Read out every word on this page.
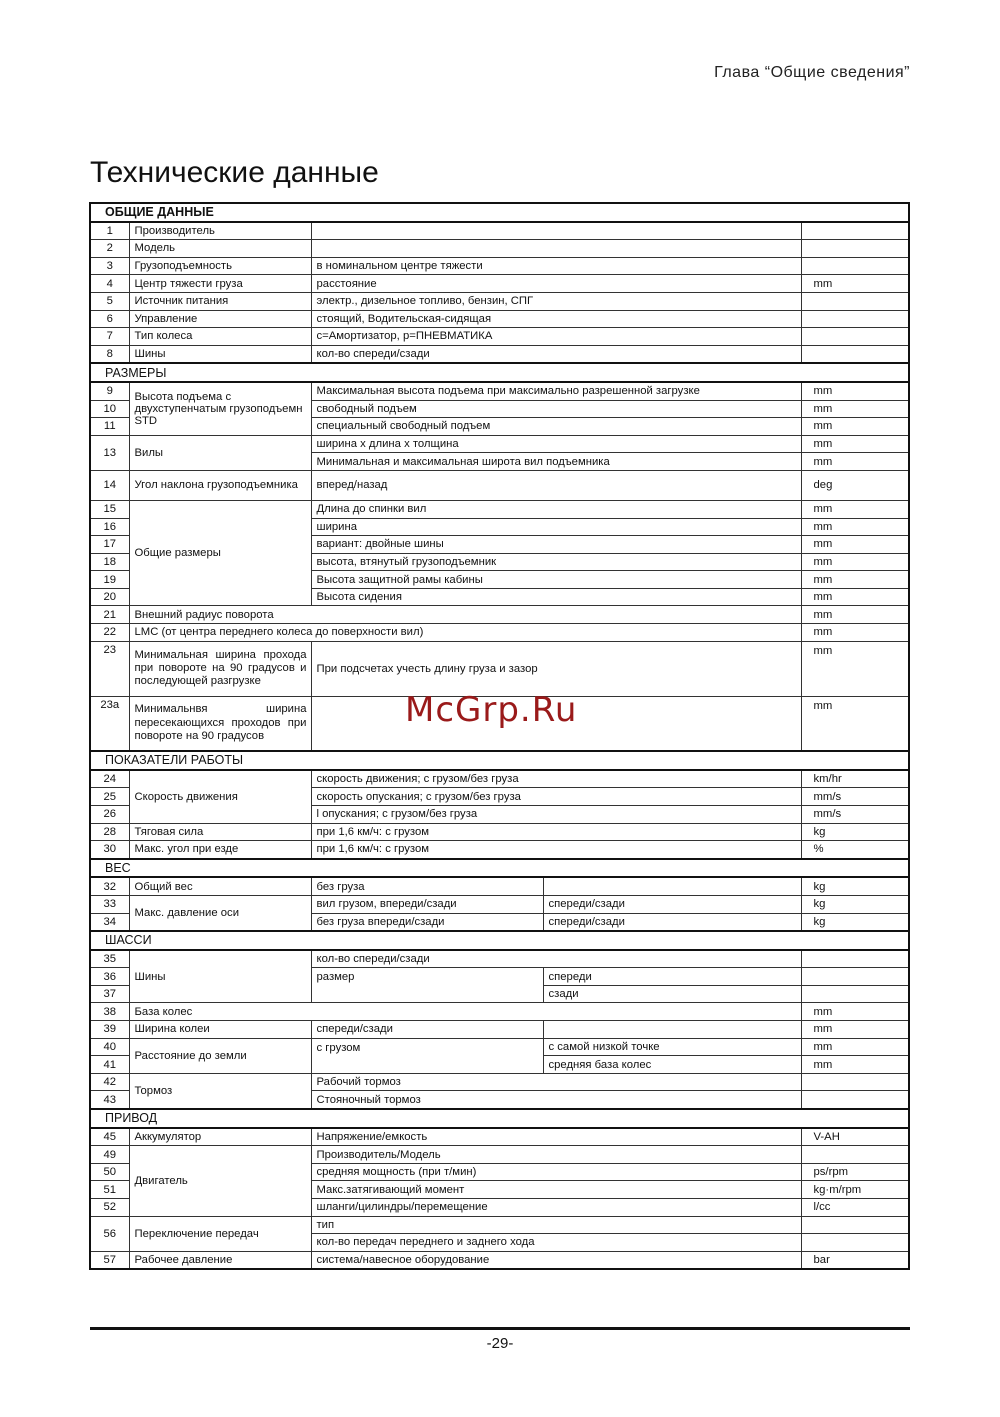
Глава “Общие сведения”
Технические данные
ОБЩИЕ ДАННЫЕ				
1	Производитель			
2	Модель			
3	Грузоподъемность	в номинальном центре тяжести		
4	Центр тяжести груза	расстояние		mm
5	Источник питания	электр., дизельное топливо, бензин, СПГ		
6	Управление	стоящий, Водительская-сидящая		
7	Тип колеса	c=Амортизатор, p=ПНЕВМАТИКА		
8	Шины	кол-во спереди/сзади		
РАЗМЕРЫ				
9	Высота подъема с двухступенчатым грузоподъемн STD	Максимальная высота подъема при максимально разрешенной загрузке		mm
10		свободный подъем		mm
11		специальный свободный подъем		mm
13	Вилы	ширина x длина x толщина		mm
		Минимальная и максимальная широта вил подъемника		mm
14	Угол наклона грузоподъемника	вперед/назад		deg
15	Общие размеры	Длина до спинки вил		mm
16		ширина		mm
17		вариант: двойные шины		mm
18		высота, втянутый грузоподъемник		mm
19		Высота защитной рамы кабины		mm
20		Высота сидения		mm
21	Внешний радиус поворота			mm
22	LMC (от центра переднего колеса до поверхности вил)			mm
23	Минимальная ширина прохода при повороте на 90 градусов и последующей разгрузке	При подсчетах учесть длину груза и зазор		mm
23a	Минимальнвя ширина пересекающихся проходов при повороте на 90 градусов			mm
ПОКАЗАТЕЛИ РАБОТЫ				
24	Скорость движения	скорость движения; с грузом/без груза		km/hr
25		скорость опускания; с грузом/без груза		mm/s
26		l опускания; с грузом/без груза		mm/s
28	Тяговая сила	при 1,6 км/ч: с грузом		kg
30	Макс. угол при езде	при 1,6 км/ч: с грузом		%
ВЕС				
32	Общий вес	без груза		kg
33	Макс. давление оси	вил грузом, впереди/сзади	спереди/сзади	kg
34		без груза впереди/сзади	спереди/сзади	kg
ШАССИ				
35	Шины	кол-во спереди/сзади		
36		размер	спереди	
37			сзади	
38	База колес			mm
39	Ширина колеи	спереди/сзади		mm
40	Расстояние до земли	с грузом	с самой низкой точке	mm
41			средняя база колес	mm
42	Тормоз	Рабочий тормоз		
43		Стояночный тормоз		
ПРИВОД				
45	Аккумулятор	Напряжение/емкость		V-AH
49	Двигатель	Производитель/Модель		
50		средняя мощность (при т/мин)		ps/rpm
51		Макс.затягивающий момент		kg·m/rpm
52		шланги/цилиндры/перемещение		l/cc
56	Переключение передач	тип		
		кол-во передач переднего и заднего хода		
57	Рабочее давление	система/навесное оборудование		bar
McGrp.Ru
-29-
